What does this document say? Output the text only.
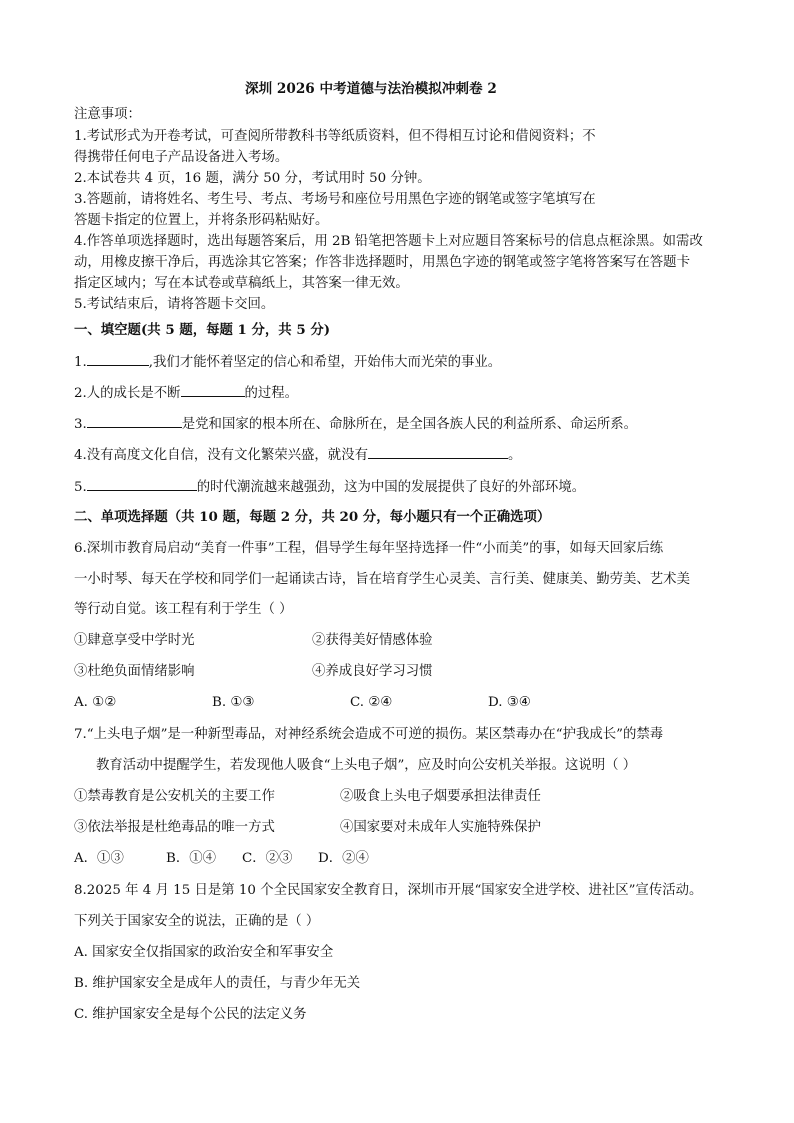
深圳 2026 中考道德与法治模拟冲刺卷 2
注意事项：
1.考试形式为开卷考试，可查阅所带教科书等纸质资料，但不得相互讨论和借阅资料；不
得携带任何电子产品设备进入考场。
2.本试卷共 4 页，16 题，满分 50 分，考试用时 50 分钟。
3.答题前，请将姓名、考生号、考点、考场号和座位号用黑色字迹的钢笔或签字笔填写在
答题卡指定的位置上，并将条形码粘贴好。
4.作答单项选择题时，选出每题答案后，用 2B 铅笔把答题卡上对应题目答案标号的信息点框涂黑。如需改
动，用橡皮擦干净后，再选涂其它答案；作答非选择题时，用黑色字迹的钢笔或签字笔将答案写在答题卡
指定区域内；写在本试卷或草稿纸上，其答案一律无效。
5.考试结束后，请将答题卡交回。
一、填空题(共 5 题，每题 1 分，共 5 分)
1.	,我们才能怀着坚定的信心和希望，开始伟大而光荣的事业。
2.人的成长是不断	的过程。
3.	是党和国家的根本所在、命脉所在，是全国各族人民的利益所系、命运所系。
4.没有高度文化自信，没有文化繁荣兴盛，就没有	。
5.	的时代潮流越来越强劲，这为中国的发展提供了良好的外部环境。
二、单项选择题（共 10 题，每题 2 分，共 20 分，每小题只有一个正确选项）
6.深圳市教育局启动“美育一件事”工程，倡导学生每年坚持选择一件“小而美”的事，如每天回家后练
一小时琴、每天在学校和同学们一起诵读古诗，旨在培育学生心灵美、言行美、健康美、勤劳美、艺术美
等行动自觉。该工程有利于学生（ ）
①肆意享受中学时光	②获得美好情感体验
③杜绝负面情绪影响	④养成良好学习习惯
A. ①②	B. ①③	C. ②④	D. ③④
7.“上头电子烟”是一种新型毒品，对神经系统会造成不可逆的损伤。某区禁毒办在“护我成长”的禁毒
教育活动中提醒学生，若发现他人吸食“上头电子烟”，应及时向公安机关举报。这说明（ ）
①禁毒教育是公安机关的主要工作	②吸食上头电子烟要承担法律责任
③依法举报是杜绝毒品的唯一方式	④国家要对未成年人实施特殊保护
A．①③	B．①④ C．②③ D．②④
8.2025 年 4 月 15 日是第 10 个全民国家安全教育日，深圳市开展“国家安全进学校、进社区”宣传活动。
下列关于国家安全的说法，正确的是（ ）
A. 国家安全仅指国家的政治安全和军事安全
B. 维护国家安全是成年人的责任，与青少年无关
C. 维护国家安全是每个公民的法定义务
